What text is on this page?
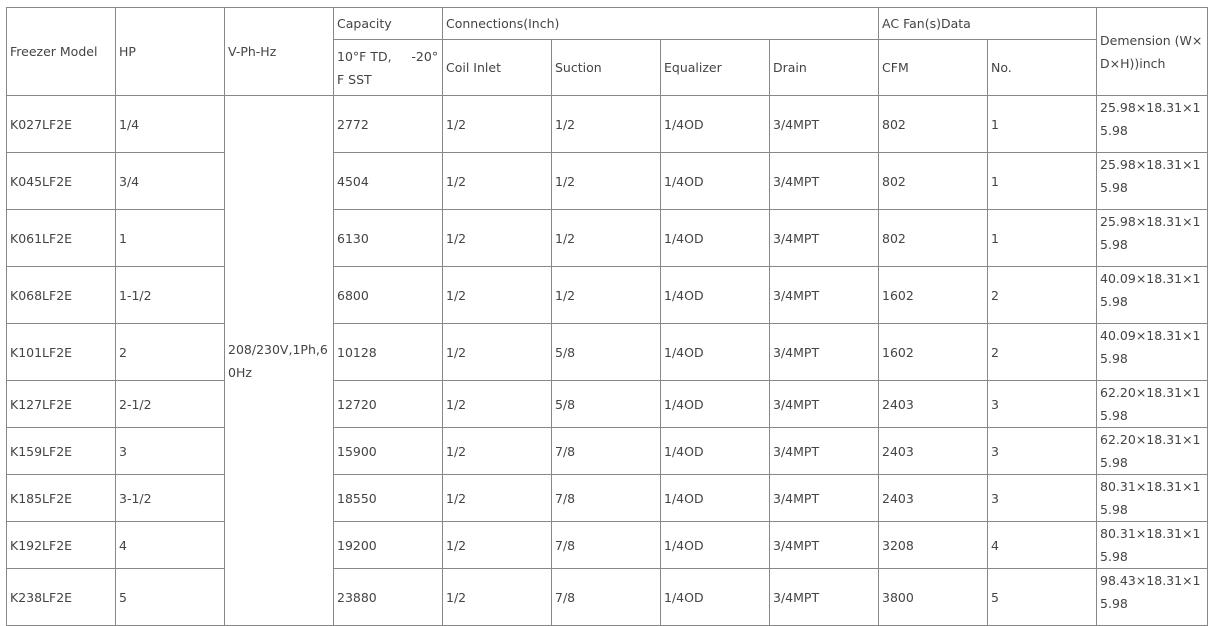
Freezer Model	HP	V-Ph-Hz	Capacity	Connections(Inch)				AC Fan(s)Data		Demension (W×D×H))inch

			10°F TD,     -20°F SST	Coil Inlet	Suction	Equalizer	Drain	CFM	No.	

K027LF2E	1/4	208/230V,1Ph,60Hz	2772	1/2	1/2	1/4OD	3/4MPT	802	1	25.98×18.31×15.98

K045LF2E	3/4		4504	1/2	1/2	1/4OD	3/4MPT	802	1	25.98×18.31×15.98

K061LF2E	1		6130	1/2	1/2	1/4OD	3/4MPT	802	1	25.98×18.31×15.98

K068LF2E	1-1/2		6800	1/2	1/2	1/4OD	3/4MPT	1602	2	40.09×18.31×15.98

K101LF2E	2		10128	1/2	5/8	1/4OD	3/4MPT	1602	2	40.09×18.31×15.98

K127LF2E	2-1/2		12720	1/2	5/8	1/4OD	3/4MPT	2403	3	62.20×18.31×15.98

K159LF2E	3		15900	1/2	7/8	1/4OD	3/4MPT	2403	3	62.20×18.31×15.98

K185LF2E	3-1/2		18550	1/2	7/8	1/4OD	3/4MPT	2403	3	80.31×18.31×15.98

K192LF2E	4		19200	1/2	7/8	1/4OD	3/4MPT	3208	4	80.31×18.31×15.98

K238LF2E	5		23880	1/2	7/8	1/4OD	3/4MPT	3800	5	98.43×18.31×15.98
